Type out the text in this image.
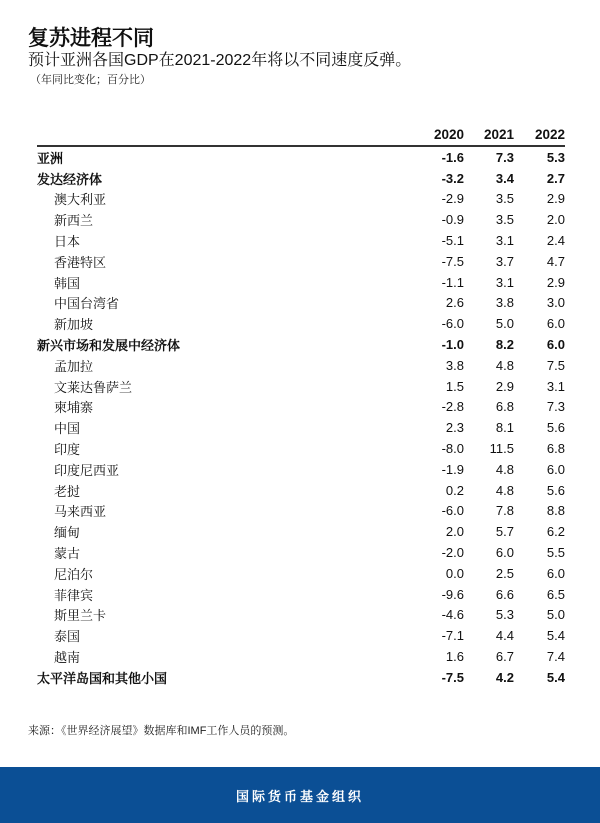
复苏进程不同
预计亚洲各国GDP在2021-2022年将以不同速度反弹。
（年同比变化；百分比）
2020	2021	2022
亚洲	-1.6	7.3	5.3
发达经济体	-3.2	3.4	2.7
澳大利亚	-2.9	3.5	2.9
新西兰	-0.9	3.5	2.0
日本	-5.1	3.1	2.4
香港特区	-7.5	3.7	4.7
韩国	-1.1	3.1	2.9
中国台湾省	2.6	3.8	3.0
新加坡	-6.0	5.0	6.0
新兴市场和发展中经济体	-1.0	8.2	6.0
孟加拉	3.8	4.8	7.5
文莱达鲁萨兰	1.5	2.9	3.1
柬埔寨	-2.8	6.8	7.3
中国	2.3	8.1	5.6
印度	-8.0	11.5	6.8
印度尼西亚	-1.9	4.8	6.0
老挝	0.2	4.8	5.6
马来西亚	-6.0	7.8	8.8
缅甸	2.0	5.7	6.2
蒙古	-2.0	6.0	5.5
尼泊尔	0.0	2.5	6.0
菲律宾	-9.6	6.6	6.5
斯里兰卡	-4.6	5.3	5.0
泰国	-7.1	4.4	5.4
越南	1.6	6.7	7.4
太平洋岛国和其他小国	-7.5	4.2	5.4
来源：《世界经济展望》数据库和IMF工作人员的预测。
国际货币基金组织
